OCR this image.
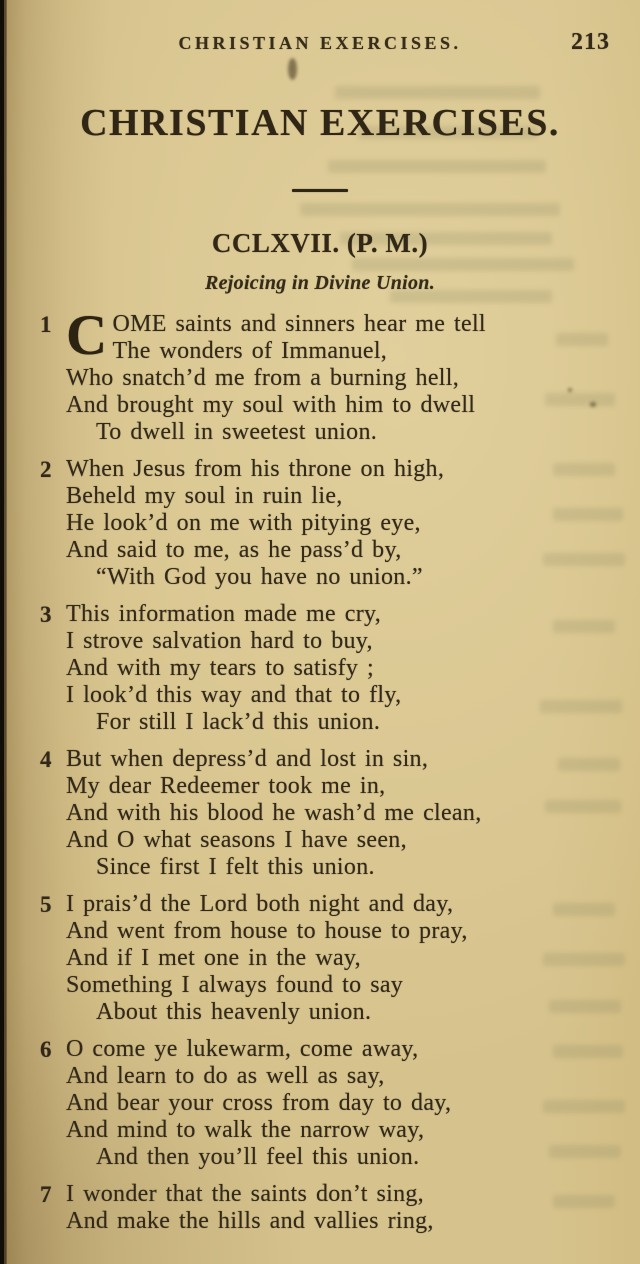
CHRISTIAN EXERCISES.	213
CHRISTIAN EXERCISES.
CCLXVII. (P. M.)
Rejoicing in Divine Union.
1 C OME saints and sinners hear me tell
The wonders of Immanuel,
Who snatch’d me from a burning hell,
And brought my soul with him to dwell
To dwell in sweetest union.
2 When Jesus from his throne on high,
Beheld my soul in ruin lie,
He look’d on me with pitying eye,
And said to me, as he pass’d by,
“With God you have no union.”
3 This information made me cry,
I strove salvation hard to buy,
And with my tears to satisfy ;
I look’d this way and that to fly,
For still I lack’d this union.
4 But when depress’d and lost in sin,
My dear Redeemer took me in,
And with his blood he wash’d me clean,
And O what seasons I have seen,
Since first I felt this union.
5 I prais’d the Lord both night and day,
And went from house to house to pray,
And if I met one in the way,
Something I always found to say
About this heavenly union.
6 O come ye lukewarm, come away,
And learn to do as well as say,
And bear your cross from day to day,
And mind to walk the narrow way,
And then you’ll feel this union.
7 I wonder that the saints don’t sing,
And make the hills and vallies ring,
